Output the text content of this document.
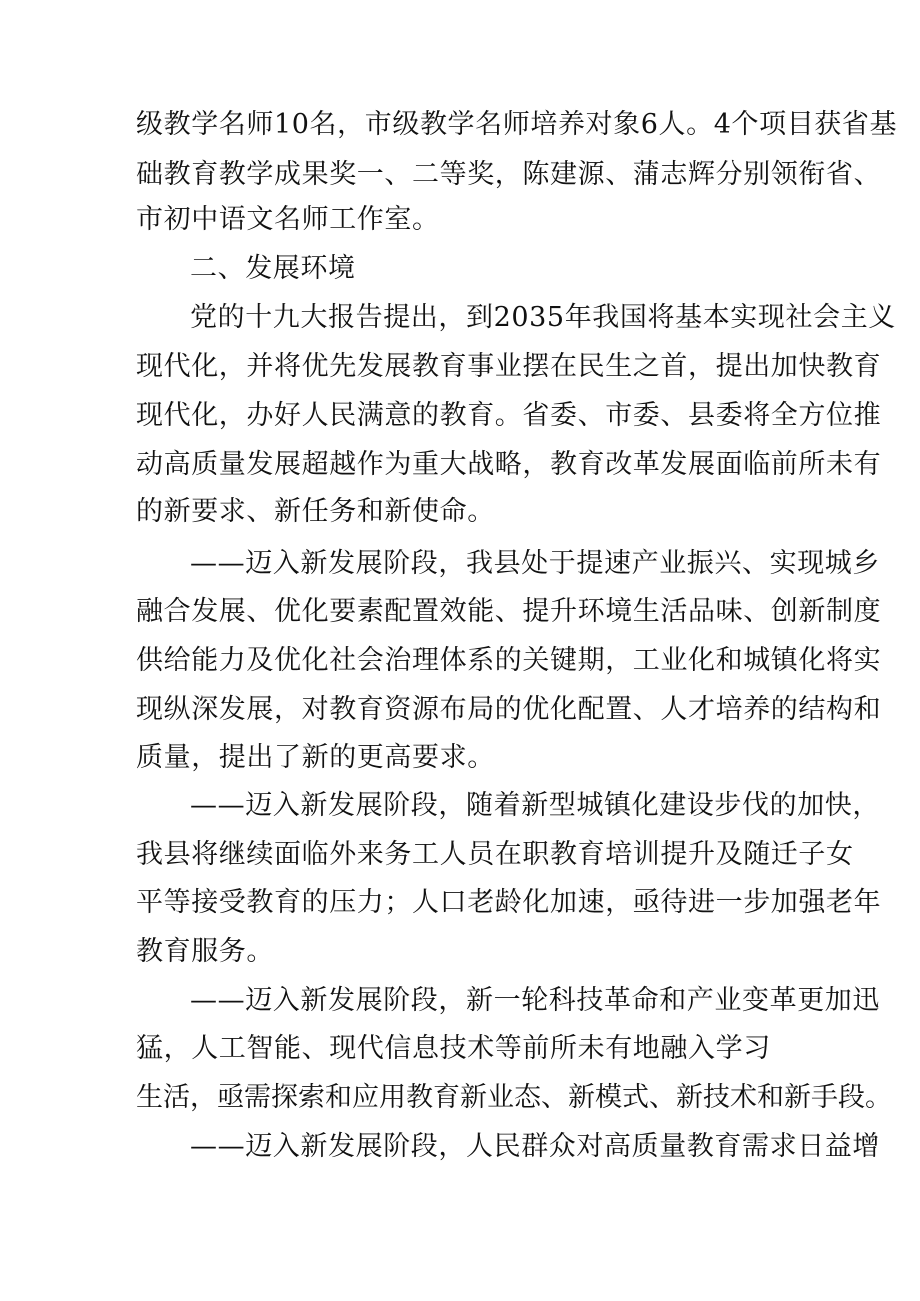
级教学名师10名，市级教学名师培养对象6人。4个项目获省基
础教育教学成果奖一、二等奖，陈建源、蒲志辉分别领衔省、
市初中语文名师工作室。
二、发展环境
党的十九大报告提出，到2035年我国将基本实现社会主义
现代化，并将优先发展教育事业摆在民生之首，提出加快教育
现代化，办好人民满意的教育。省委、市委、县委将全方位推
动高质量发展超越作为重大战略，教育改革发展面临前所未有
的新要求、新任务和新使命。
——迈入新发展阶段，我县处于提速产业振兴、实现城乡
融合发展、优化要素配置效能、提升环境生活品味、创新制度
供给能力及优化社会治理体系的关键期，工业化和城镇化将实
现纵深发展，对教育资源布局的优化配置、人才培养的结构和
质量，提出了新的更高要求。
——迈入新发展阶段，随着新型城镇化建设步伐的加快，
我县将继续面临外来务工人员在职教育培训提升及随迁子女
平等接受教育的压力；人口老龄化加速，亟待进一步加强老年
教育服务。
——迈入新发展阶段，新一轮科技革命和产业变革更加迅
猛，人工智能、现代信息技术等前所未有地融入学习
生活，亟需探索和应用教育新业态、新模式、新技术和新手段。
——迈入新发展阶段，人民群众对高质量教育需求日益增
